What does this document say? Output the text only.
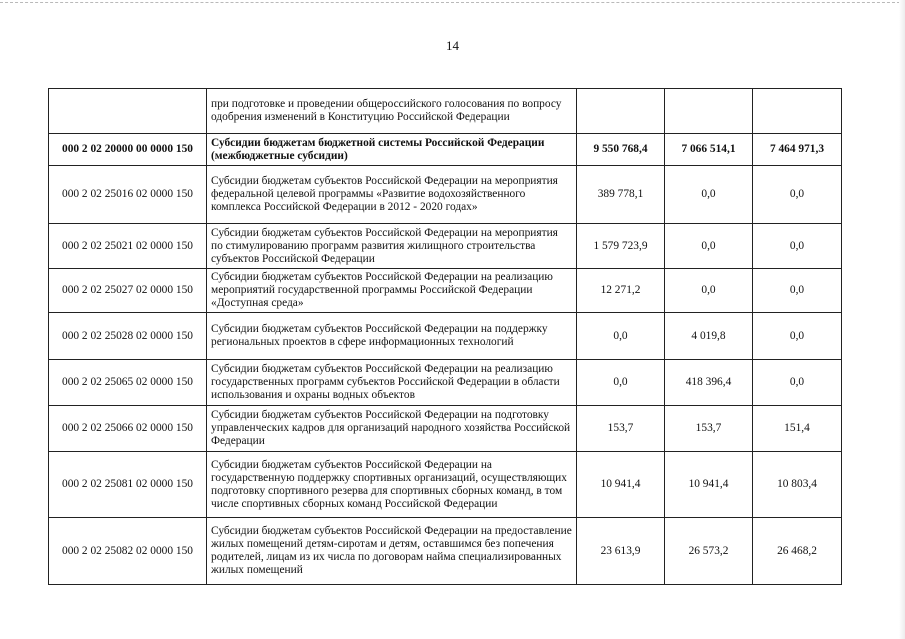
14
	при подготовке и проведении общероссийского голосования по вопросу одобрения изменений в Конституцию Российской Федерации			
000 2 02 20000 00 0000 150	Субсидии бюджетам бюджетной системы Российской Федерации (межбюджетные субсидии)	9 550 768,4	7 066 514,1	7 464 971,3
000 2 02 25016 02 0000 150	Субсидии бюджетам субъектов Российской Федерации на мероприятия федеральной целевой программы «Развитие водохозяйственного комплекса Российской Федерации в 2012 - 2020 годах»	389 778,1	0,0	0,0
000 2 02 25021 02 0000 150	Субсидии бюджетам субъектов Российской Федерации на мероприятия по стимулированию программ развития жилищного строительства субъектов Российской Федерации	1 579 723,9	0,0	0,0
000 2 02 25027 02 0000 150	Субсидии бюджетам субъектов Российской Федерации на реализацию мероприятий государственной программы Российской Федерации «Доступная среда»	12 271,2	0,0	0,0
000 2 02 25028 02 0000 150	Субсидии бюджетам субъектов Российской Федерации на поддержку региональных проектов в сфере информационных технологий	0,0	4 019,8	0,0
000 2 02 25065 02 0000 150	Субсидии бюджетам субъектов Российской Федерации на реализацию государственных программ субъектов Российской Федерации в области использования и охраны водных объектов	0,0	418 396,4	0,0
000 2 02 25066 02 0000 150	Субсидии бюджетам субъектов Российской Федерации на подготовку управленческих кадров для организаций народного хозяйства Российской Федерации	153,7	153,7	151,4
000 2 02 25081 02 0000 150	Субсидии бюджетам субъектов Российской Федерации на государственную поддержку спортивных организаций, осуществляющих подготовку спортивного резерва для спортивных сборных команд, в том числе спортивных сборных команд Российской Федерации	10 941,4	10 941,4	10 803,4
000 2 02 25082 02 0000 150	Субсидии бюджетам субъектов Российской Федерации на предоставление жилых помещений детям-сиротам и детям, оставшимся без попечения родителей, лицам из их числа по договорам найма специализированных жилых помещений	23 613,9	26 573,2	26 468,2
